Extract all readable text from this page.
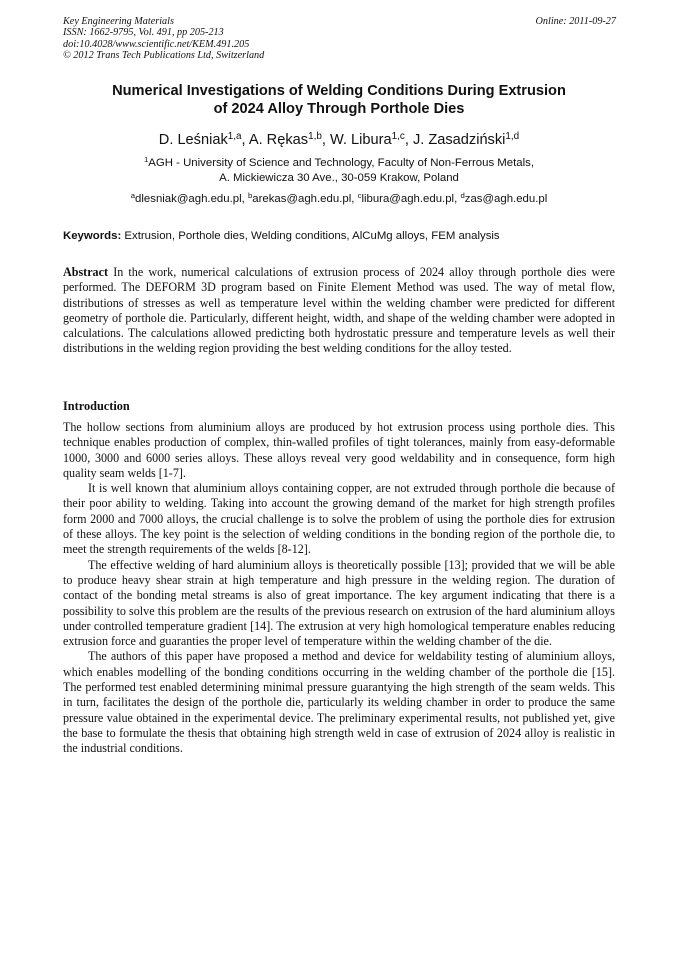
Key Engineering Materials
ISSN: 1662-9795, Vol. 491, pp 205-213
doi:10.4028/www.scientific.net/KEM.491.205
© 2012 Trans Tech Publications Ltd, Switzerland
Online: 2011-09-27
Numerical Investigations of Welding Conditions During Extrusion
of 2024 Alloy Through Porthole Dies
D. Leśniak$^{1,a}$, A. Rękas$^{1,b}$, W. Libura$^{1,c}$, J. Zasadziński$^{1,d}$
$^1$AGH - University of Science and Technology, Faculty of Non-Ferrous Metals,
A. Mickiewicza 30 Ave., 30-059 Krakow, Poland
$^a$dlesniak@agh.edu.pl, $^b$arekas@agh.edu.pl, $^c$libura@agh.edu.pl, $^d$zas@agh.edu.pl
Keywords: Extrusion, Porthole dies, Welding conditions, AlCuMg alloys, FEM analysis
Abstract In the work, numerical calculations of extrusion process of 2024 alloy through porthole dies were performed. The DEFORM 3D program based on Finite Element Method was used. The way of metal flow, distributions of stresses as well as temperature level within the welding chamber were predicted for different geometry of porthole die. Particularly, different height, width, and shape of the welding chamber were adopted in calculations. The calculations allowed predicting both hydrostatic pressure and temperature levels as well their distributions in the welding region providing the best welding conditions for the alloy tested.
Introduction

The hollow sections from aluminium alloys are produced by hot extrusion process using porthole dies. This technique enables production of complex, thin-walled profiles of tight tolerances, mainly from easy-deformable 1000, 3000 and 6000 series alloys. These alloys reveal very good weldability and in consequence, form high quality seam welds [1-7].

It is well known that aluminium alloys containing copper, are not extruded through porthole die because of their poor ability to welding. Taking into account the growing demand of the market for high strength profiles form 2000 and 7000 alloys, the crucial challenge is to solve the problem of using the porthole dies for extrusion of these alloys. The key point is the selection of welding conditions in the bonding region of the porthole die, to meet the strength requirements of the welds [8-12].

The effective welding of hard aluminium alloys is theoretically possible [13]; provided that we will be able to produce heavy shear strain at high temperature and high pressure in the welding region. The duration of contact of the bonding metal streams is also of great importance. The key argument indicating that there is a possibility to solve this problem are the results of the previous research on extrusion of the hard aluminium alloys under controlled temperature gradient [14]. The extrusion at very high homological temperature enables reducing extrusion force and guaranties the proper level of temperature within the welding chamber of the die.

The authors of this paper have proposed a method and device for weldability testing of aluminium alloys, which enables modelling of the bonding conditions occurring in the welding chamber of the porthole die [15]. The performed test enabled determining minimal pressure guarantying the high strength of the seam welds. This in turn, facilitates the design of the porthole die, particularly its welding chamber in order to produce the same pressure value obtained in the experimental device. The preliminary experimental results, not published yet, give the base to formulate the thesis that obtaining high strength weld in case of extrusion of 2024 alloy is realistic in the industrial conditions.
